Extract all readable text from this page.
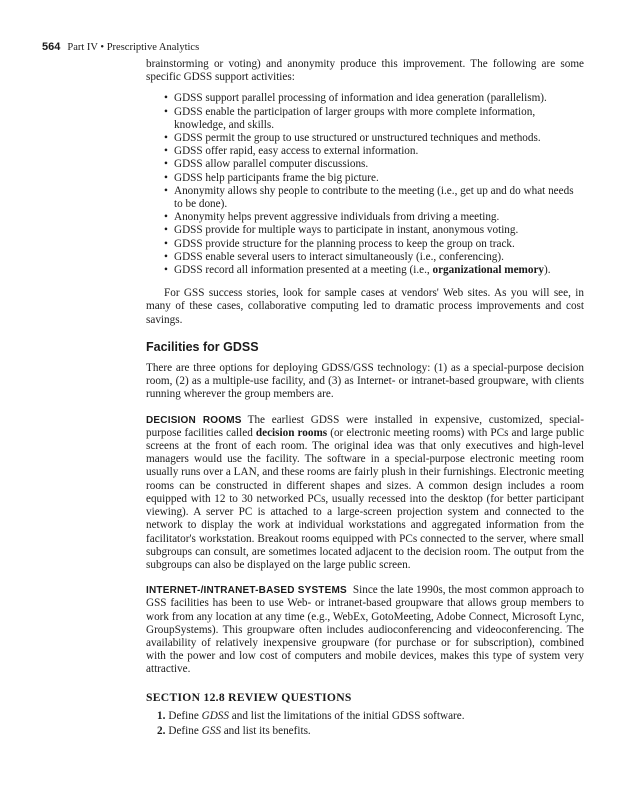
564 Part IV • Prescriptive Analytics

brainstorming or voting) and anonymity produce this improvement. The following are some specific GDSS support activities:

• GDSS support parallel processing of information and idea generation (parallelism).
• GDSS enable the participation of larger groups with more complete information, knowledge, and skills.
• GDSS permit the group to use structured or unstructured techniques and methods.
• GDSS offer rapid, easy access to external information.
• GDSS allow parallel computer discussions.
• GDSS help participants frame the big picture.
• Anonymity allows shy people to contribute to the meeting (i.e., get up and do what needs to be done).
• Anonymity helps prevent aggressive individuals from driving a meeting.
• GDSS provide for multiple ways to participate in instant, anonymous voting.
• GDSS provide structure for the planning process to keep the group on track.
• GDSS enable several users to interact simultaneously (i.e., conferencing).
• GDSS record all information presented at a meeting (i.e., organizational memory).

For GSS success stories, look for sample cases at vendors' Web sites. As you will see, in many of these cases, collaborative computing led to dramatic process improvements and cost savings.

Facilities for GDSS

There are three options for deploying GDSS/GSS technology: (1) as a special-purpose decision room, (2) as a multiple-use facility, and (3) as Internet- or intranet-based groupware, with clients running wherever the group members are.

DECISION ROOMS The earliest GDSS were installed in expensive, customized, special-purpose facilities called decision rooms (or electronic meeting rooms) with PCs and large public screens at the front of each room. The original idea was that only executives and high-level managers would use the facility. The software in a special-purpose electronic meeting room usually runs over a LAN, and these rooms are fairly plush in their furnishings. Electronic meeting rooms can be constructed in different shapes and sizes. A common design includes a room equipped with 12 to 30 networked PCs, usually recessed into the desktop (for better participant viewing). A server PC is attached to a large-screen projection system and connected to the network to display the work at individual workstations and aggregated information from the facilitator's workstation. Breakout rooms equipped with PCs connected to the server, where small subgroups can consult, are sometimes located adjacent to the decision room. The output from the subgroups can also be displayed on the large public screen.

INTERNET-/INTRANET-BASED SYSTEMS Since the late 1990s, the most common approach to GSS facilities has been to use Web- or intranet-based groupware that allows group members to work from any location at any time (e.g., WebEx, GotoMeeting, Adobe Connect, Microsoft Lync, GroupSystems). This groupware often includes audioconferencing and videoconferencing. The availability of relatively inexpensive groupware (for purchase or for subscription), combined with the power and low cost of computers and mobile devices, makes this type of system very attractive.

SECTION 12.8 REVIEW QUESTIONS
1. Define GDSS and list the limitations of the initial GDSS software.
2. Define GSS and list its benefits.
